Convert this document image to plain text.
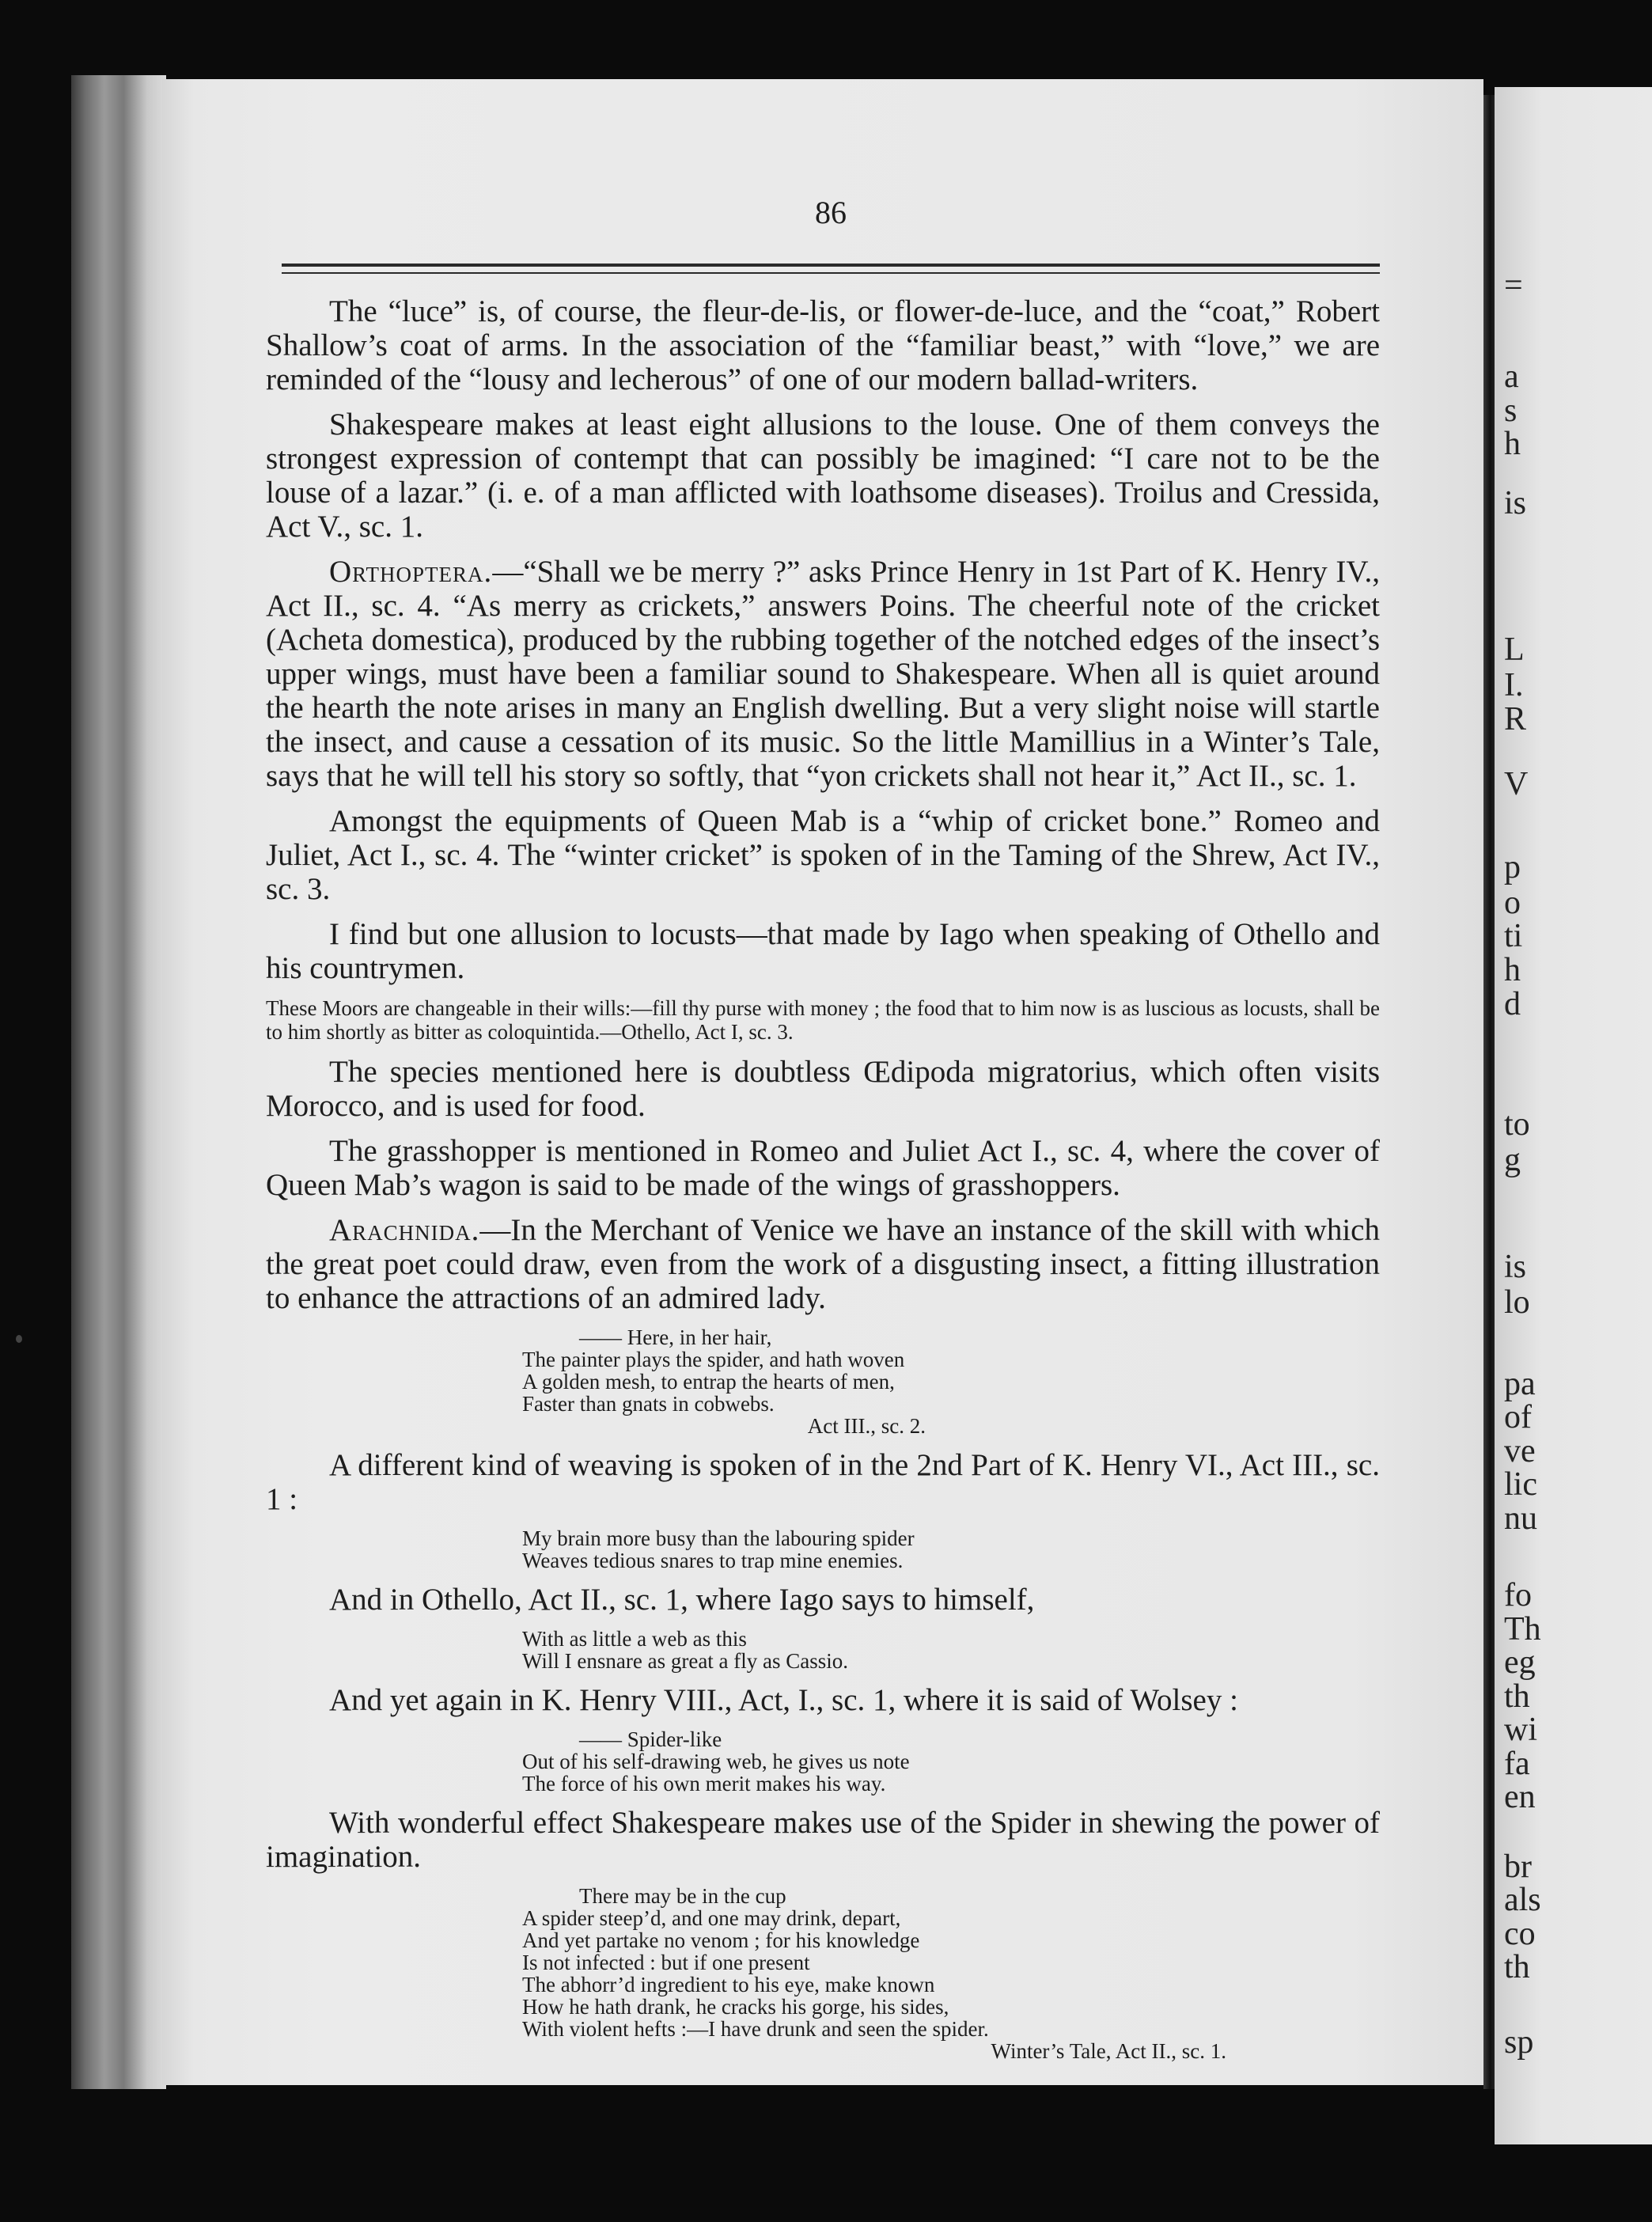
=
a
s
h
is
L
I.
R
V
p
o
ti
h
d
to
g
is
lo
pa
of
ve
lic
nu
fo
Th
eg
th
wi
fa
en
br
als
co
th
sp
86

The “luce” is, of course, the fleur-de-lis, or flower-de-luce, and the “coat,” Robert Shallow’s coat of arms. In the association of the “familiar beast,” with “love,” we are reminded of the “lousy and lecherous” of one of our modern ballad-writers.

Shakespeare makes at least eight allusions to the louse. One of them conveys the strongest expression of contempt that can possibly be imagined: “I care not to be the louse of a lazar.” (i. e. of a man afflicted with loathsome diseases). Troilus and Cressida, Act V., sc. 1.

Orthoptera.—“Shall we be merry ?” asks Prince Henry in 1st Part of K. Henry IV., Act II., sc. 4. “As merry as crickets,” answers Poins. The cheerful note of the cricket (Acheta domestica), produced by the rubbing together of the notched edges of the insect’s upper wings, must have been a familiar sound to Shakespeare. When all is quiet around the hearth the note arises in many an English dwelling. But a very slight noise will startle the insect, and cause a cessation of its music. So the little Mamillius in a Winter’s Tale, says that he will tell his story so softly, that “yon crickets shall not hear it,” Act II., sc. 1.

Amongst the equipments of Queen Mab is a “whip of cricket bone.” Romeo and Juliet, Act I., sc. 4. The “winter cricket” is spoken of in the Taming of the Shrew, Act IV., sc. 3.

I find but one allusion to locusts—that made by Iago when speaking of Othello and his countrymen.

These Moors are changeable in their wills:—fill thy purse with money ; the food that to him now is as luscious as locusts, shall be to him shortly as bitter as coloquintida.—Othello, Act I, sc. 3.

The species mentioned here is doubtless Œdipoda migratorius, which often visits Morocco, and is used for food.

The grasshopper is mentioned in Romeo and Juliet Act I., sc. 4, where the cover of Queen Mab’s wagon is said to be made of the wings of grasshoppers.

Arachnida.—In the Merchant of Venice we have an instance of the skill with which the great poet could draw, even from the work of a disgusting insect, a fitting illustration to enhance the attractions of an admired lady.

—— Here, in her hair,
The painter plays the spider, and hath woven
A golden mesh, to entrap the hearts of men,
Faster than gnats in cobwebs.
Act III., sc. 2.

A different kind of weaving is spoken of in the 2nd Part of K. Henry VI., Act III., sc. 1 :

My brain more busy than the labouring spider
Weaves tedious snares to trap mine enemies.

And in Othello, Act II., sc. 1, where Iago says to himself,

With as little a web as this
Will I ensnare as great a fly as Cassio.

And yet again in K. Henry VIII., Act, I., sc. 1, where it is said of Wolsey :

—— Spider-like
Out of his self-drawing web, he gives us note
The force of his own merit makes his way.

With wonderful effect Shakespeare makes use of the Spider in shewing the power of imagination.

There may be in the cup
A spider steep’d, and one may drink, depart,
And yet partake no venom ; for his knowledge
Is not infected : but if one present
The abhorr’d ingredient to his eye, make known
How he hath drank, he cracks his gorge, his sides,
With violent hefts :—I have drunk and seen the spider.
Winter’s Tale, Act II., sc. 1.
